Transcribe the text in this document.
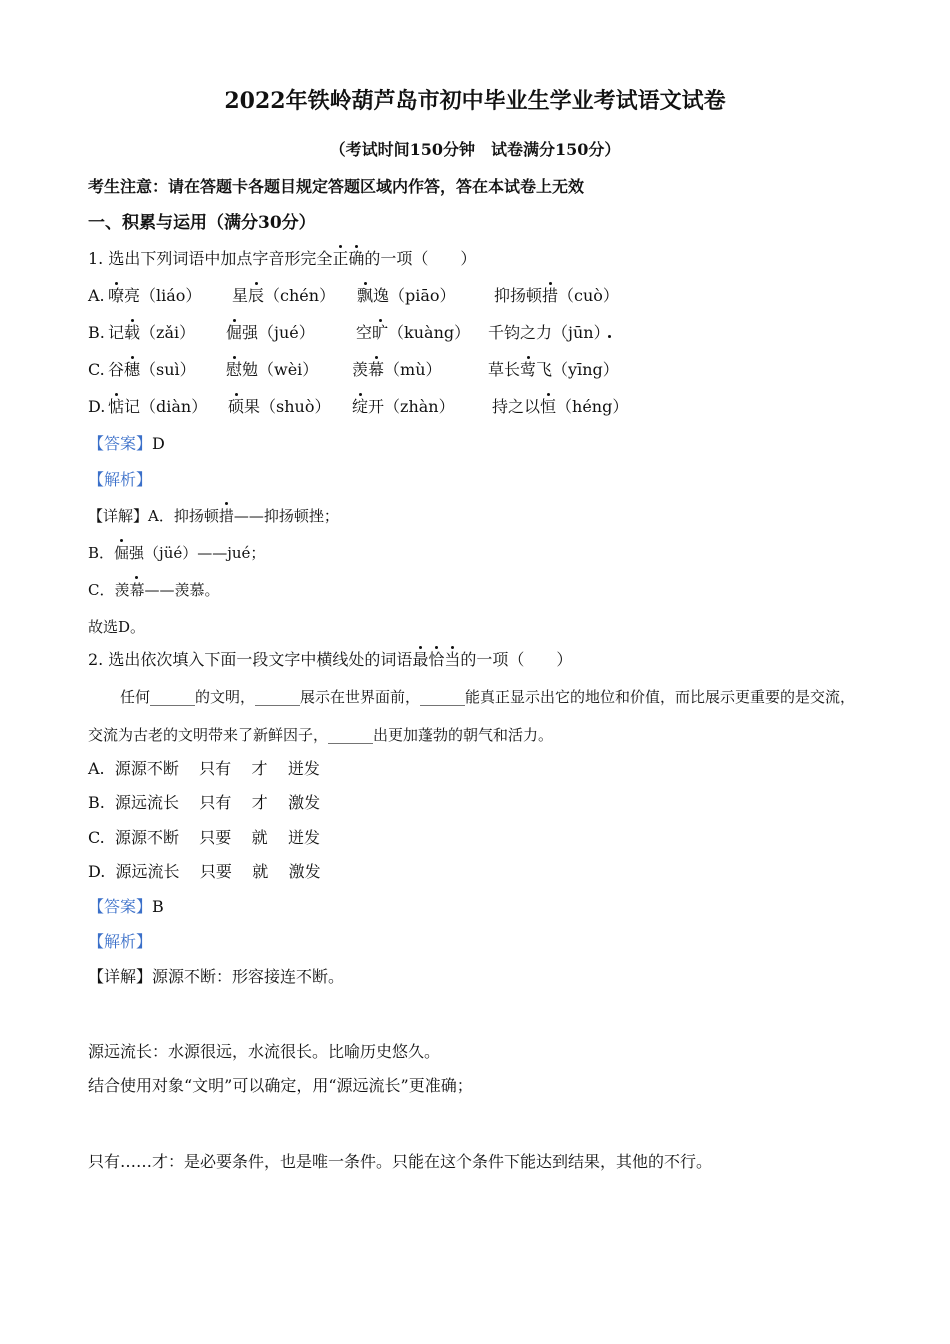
2022年铁岭葫芦岛市初中毕业生学业考试语文试卷
（考试时间150分钟　试卷满分150分）
考生注意：请在答题卡各题目规定答题区域内作答，答在本试卷上无效
一、积累与运用（满分30分）
1. 选出下列词语中加点字音形完全正确的一项（　　）
A. 嘹亮（liáo） 星辰（chén） 飘逸（piāo） 抑扬顿措（cuò）
B. 记载（zǎi） 倔强（jué）	空旷（kuàng） 千钧之力（jūn）
C. 谷穗（suì） 慰勉（wèi） 羡幕（mù）	草长莺飞（yīng）
D. 惦记（diàn） 硕果（shuò） 绽开（zhàn） 持之以恒（héng）
【答案】D
【解析】
【详解】A．抑扬顿措——抑扬顿挫；
B．倔强（jüé）——jué；
C．羡幕——羡慕。
故选D。
2. 选出依次填入下面一段文字中横线处的词语最恰当的一项（　　）
任何______的文明，______展示在世界面前，______能真正显示出它的地位和价值，而比展示更重要的是交流，交流为古老的文明带来了新鲜因子，______出更加蓬勃的朝气和活力。
A. 源源不断 只有 才 迸发
B. 源远流长 只有 才 激发
C. 源源不断 只要 就 迸发
D. 源远流长 只要 就 激发
【答案】B
【解析】
【详解】源源不断：形容接连不断。
源远流长：水源很远，水流很长。比喻历史悠久。
结合使用对象“文明”可以确定，用“源远流长”更准确；
只有……才：是必要条件，也是唯一条件。只能在这个条件下能达到结果，其他的不行。
